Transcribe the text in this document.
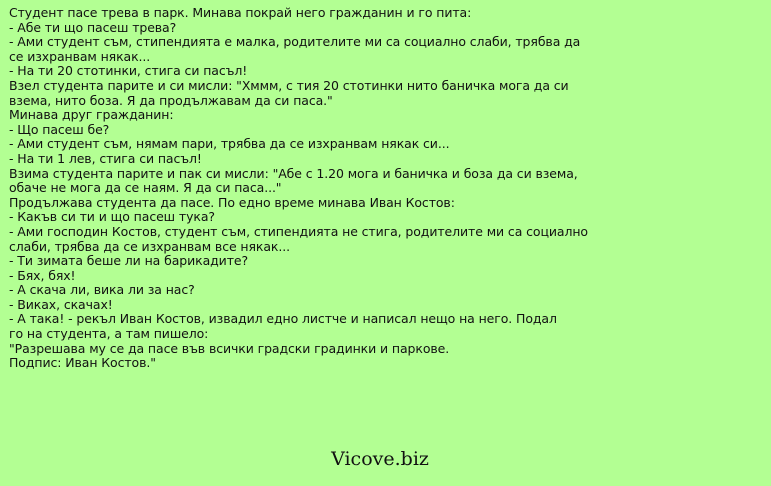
Студент пасе трева в парк. Минава покрай него гражданин и го пита:
- Абе ти що пасеш трева?
- Ами студент съм, стипендията е малка, родителите ми са социално слаби, трябва да
се изхранвам някак...
- На ти 20 стотинки, стига си пасъл!
Взел студента парите и си мисли: "Хммм, с тия 20 стотинки нито баничка мога да си
взема, нито боза. Я да продължавам да си паса."
Минава друг гражданин:
- Що пасеш бе?
- Ами студент съм, нямам пари, трябва да се изхранвам някак си...
- На ти 1 лев, стига си пасъл!
Взима студента парите и пак си мисли: "Абе с 1.20 мога и баничка и боза да си взема,
обаче не мога да се наям. Я да си паса..."
Продължава студента да пасе. По едно време минава Иван Костов:
- Какъв си ти и що пасеш тука?
- Ами господин Костов, студент съм, стипендията не стига, родителите ми са социално
слаби, трябва да се изхранвам все някак...
- Ти зимата беше ли на барикадите?
- Бях, бях!
- А скача ли, вика ли за нас?
- Виках, скачах!
- А така! - рекъл Иван Костов, извадил едно листче и написал нещо на него. Подал
го на студента, а там пишело:
"Разрешава му се да пасе във всички градски градинки и паркове.
Подпис: Иван Костов."
Vicove.biz
